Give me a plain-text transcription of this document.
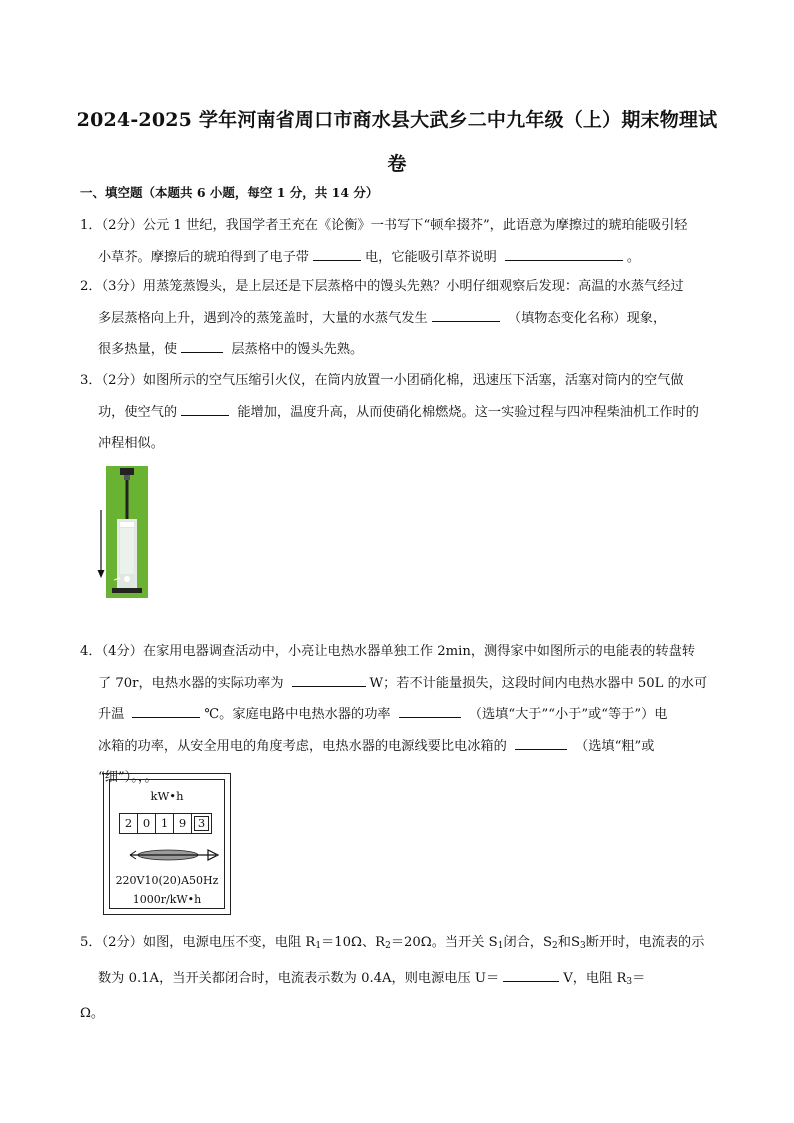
2024-2025 学年河南省周口市商水县大武乡二中九年级（上）期末物理试
卷
一、填空题（本题共 6 小题，每空 1 分，共 14 分）
1．（2分）公元 1 世纪，我国学者王充在《论衡》一书写下“顿牟掇芥”，此语意为摩擦过的琥珀能吸引轻
小草芥。摩擦后的琥珀得到了电子带	电，它能吸引草芥说明	。
2．（3分）用蒸笼蒸馒头，是上层还是下层蒸格中的馒头先熟？小明仔细观察后发现：高温的水蒸气经过
多层蒸格向上升，遇到冷的蒸笼盖时，大量的水蒸气发生	（填物态变化名称）现象，
很多热量，使	层蒸格中的馒头先熟。
3．（2分）如图所示的空气压缩引火仪，在筒内放置一小团硝化棉，迅速压下活塞，活塞对筒内的空气做
功，使空气的	能增加，温度升高，从而使硝化棉燃烧。这一实验过程与四冲程柴油机工作时的
冲程相似。
4．（4分）在家用电器调查活动中，小亮让电热水器单独工作 2min，测得家中如图所示的电能表的转盘转
了 70r，电热水器的实际功率为	W；若不计能量损失，这段时间内电热水器中 50L 的水可
升温	℃。家庭电路中电热水器的功率	（选填“大于”“小于”或“等于”）电
冰箱的功率，从安全用电的角度考虑，电热水器的电源线要比电冰箱的	（选填“粗”或
“细”）。，。
kW•h
2 0 1 9	3
220V10(20)A50Hz
1000r/kW•h
5．（2分）如图，电源电压不变，电阻 $R_1=10\Omega$、$R_2=20\Omega$。当开关 $S_1$闭合，$S_2$和$S_3$断开时，电流表的示
数为 0.1A，当开关都闭合时，电流表示数为 0.4A，则电源电压 U＝	V，电阻 $R_3=$
Ω。
